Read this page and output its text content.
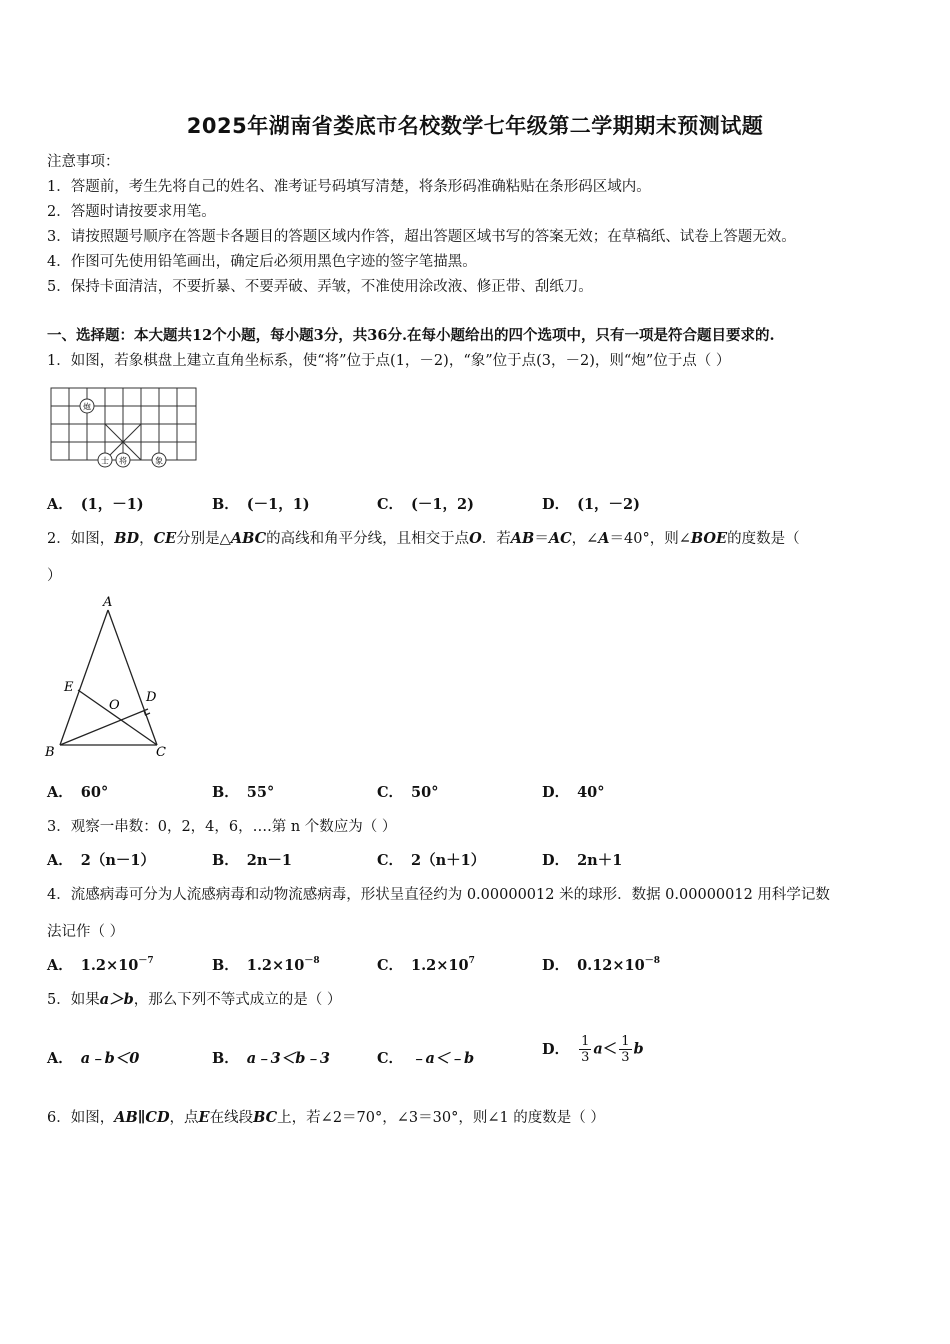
2025年湖南省娄底市名校数学七年级第二学期期末预测试题
注意事项：
1．答题前，考生先将自己的姓名、准考证号码填写清楚，将条形码准确粘贴在条形码区域内。
2．答题时请按要求用笔。
3．请按照题号顺序在答题卡各题目的答题区域内作答，超出答题区域书写的答案无效；在草稿纸、试卷上答题无效。
4．作图可先使用铅笔画出，确定后必须用黑色字迹的签字笔描黑。
5．保持卡面清洁，不要折暴、不要弄破、弄皱，不准使用涂改液、修正带、刮纸刀。
一、选择题：本大题共12个小题，每小题3分，共36分.在每小题给出的四个选项中，只有一项是符合题目要求的.
1．如图，若象棋盘上建立直角坐标系，使“将”位于点(1，－2)，“象”位于点(3，－2)，则“炮”位于点（ ）
炮
士 将	象
A． (1，－1)	B． (－1，1)	C． (－1，2)	D． (1，－2)
2．如图，BD，CE分别是△ABC的高线和角平分线，且相交于点O．若AB＝AC，∠A＝40°，则∠BOE的度数是（
）
A
E
D
O
B	C
A． 60°	B． 55°	C． 50°	D． 40°
3．观察一串数：0，2，4，6，….第 n 个数应为（ ）
A． 2（n－1）	B． 2n－1	C． 2（n＋1）	D． 2n＋1
4．流感病毒可分为人流感病毒和动物流感病毒，形状呈直径约为 0.00000012 米的球形．数据 0.00000012 用科学记数
法记作（ ）
A． $1.2\times 10^{-7}$	B． $1.2\times 10^{-8}$	C． $1.2\times 10^7$	D． $0.12\times 10^{-8}$
5．如果a＞b，那么下列不等式成立的是（ ）
A． a﹣b＜0	B． a﹣3＜b﹣3	C． ﹣a＜﹣b
D． $\frac{1}{3} a< \frac{1}{3}$ b
6．如图，AB∥CD，点E在线段BC上，若∠2＝70°，∠3＝30°，则∠1 的度数是（ ）
